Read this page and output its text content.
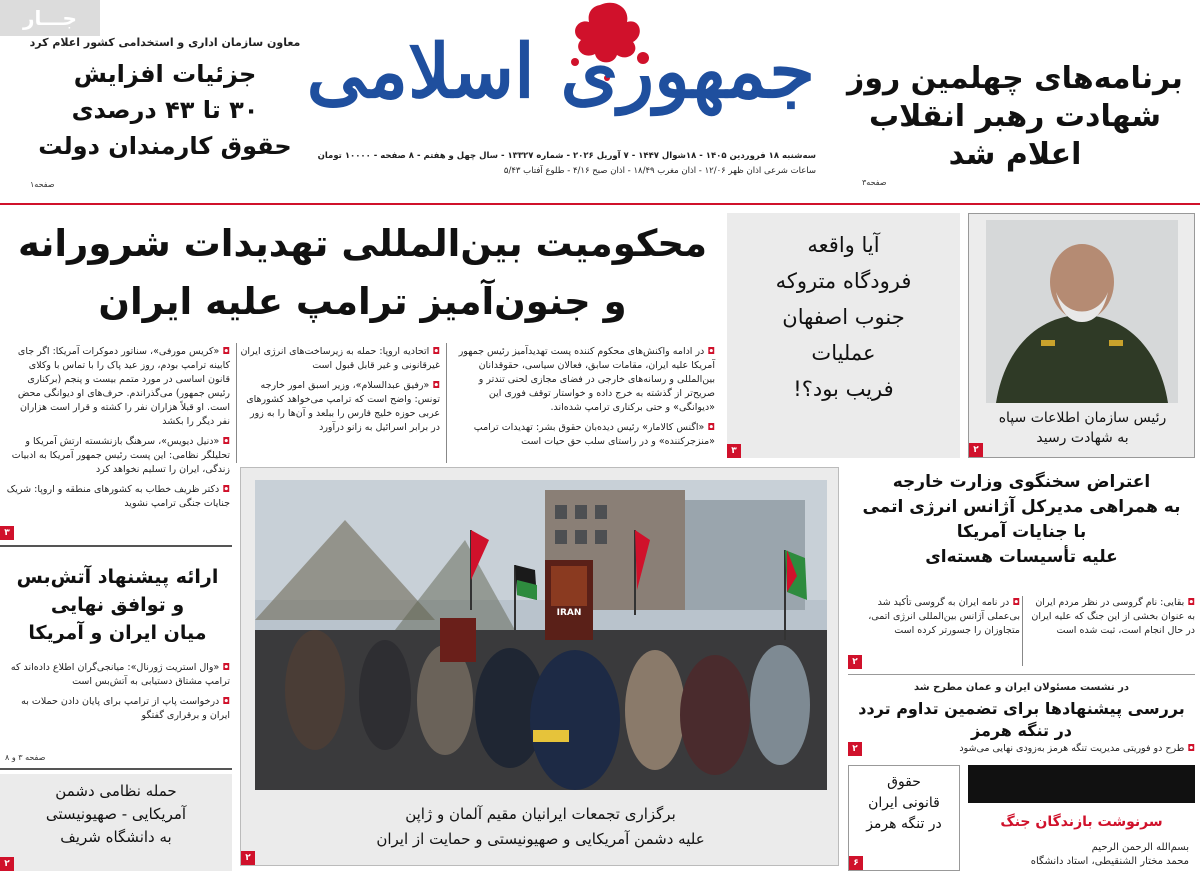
جـــار
جمهوری اسلامی
سه‌شنبه ۱۸ فروردین ۱۴۰۵ - ۱۸شوال ۱۴۴۷ - ۷ آوریل ۲۰۲۶ - شماره ۱۳۳۲۷ - سال چهل و هفتم - ۸ صفحه - ۱۰۰۰۰ تومان
ساعات شرعی اذان ظهر ۱۲/۰۶ - اذان مغرب ۱۸/۴۹ - اذان صبح ۴/۱۶ - طلوع آفتاب ۵/۴۳
برنامه‌های چهلمین روز
شهادت رهبر انقلاب
اعلام شد
صفحه۳
معاون سازمان اداری و استخدامی کشور اعلام کرد
جزئیات افزایش
۳۰ تا ۴۳ درصدی
حقوق کارمندان دولت
صفحه۱
رئیس سازمان اطلاعات سپاه
به شهادت رسید
۲
آیا واقعه
فرودگاه متروکه
جنوب اصفهان
عملیات
فریب بود؟!
۳
محکومیت بین‌المللی تهدیدات شرورانه
و جنون‌آمیز ترامپ علیه ایران
◘ در ادامه واکنش‌های محکوم کننده پست تهدیدآمیز رئیس جمهور آمریکا علیه ایران، مقامات سابق، فعالان سیاسی، حقوقدانان بین‌المللی و رسانه‌های خارجی در فضای مجازی لحنی تندتر و صریح‌تر از گذشته به خرج داده و خواستار توقف فوری این «دیوانگی» و حتی برکناری ترامپ شده‌اند.
◘ «اگنس کالامار» رئیس دیده‌بان حقوق بشر: تهدیدات ترامپ «منزجرکننده» و در راستای سلب حق حیات است
◘ اتحادیه اروپا: حمله به زیرساخت‌های انرژی ایران غیرقانونی و غیر قابل قبول است
◘ «رفیق عبدالسلام»، وزیر اسبق امور خارجه تونس: واضح است که ترامپ می‌خواهد کشورهای عربی حوزه خلیج فارس را ببلعد و آن‌ها را به زور در برابر اسرائیل به زانو درآورد
◘ «کریس مورفی»، سناتور دموکرات آمریکا: اگر جای کابینه ترامپ بودم، روز عید پاک را با تماس با وکلای قانون اساسی در مورد متمم بیست و پنجم (برکناری رئیس جمهور) می‌گذراندم. حرف‌های او دیوانگی محض است. او قبلاً هزاران نفر را کشته و قرار است هزاران نفر دیگر را بکشد
◘ «دنیل دیویس»، سرهنگ بازنشسته ارتش آمریکا و تحلیلگر نظامی: این پست رئیس جمهور آمریکا به ادبیات زندگی، ایران را تسلیم نخواهد کرد
◘ دکتر ظریف خطاب به کشورهای منطقه و اروپا: شریک جنایات جنگی ترامپ نشوید
۳
اعتراض سخنگوی وزارت خارجه
به همراهی مدیرکل آژانس انرژی اتمی
با جنایات آمریکا
علیه تأسیسات هسته‌ای
◘ بقایی: نام گروسی در نظر مردم ایران به عنوان بخشی از این جنگ که علیه ایران در حال انجام است، ثبت شده است
◘ در نامه ایران به گروسی تأکید شد بی‌عملی آژانس بین‌المللی انرژی اتمی، متجاوزان را جسورتر کرده است
۲
در نشست مسئولان ایران و عمان مطرح شد
بررسی پیشنهادها برای تضمین تداوم تردد
در تنگه هرمز
◘ طرح دو فوریتی مدیریت تنگه هرمز به‌زودی نهایی می‌شود
۲
ارائه پیشنهاد آتش‌بس
و توافق نهایی
میان ایران و آمریکا
◘ «وال استریت ژورنال»: میانجی‌گران اطلاع داده‌اند که ترامپ مشتاق دستیابی به آتش‌بس است
◘ درخواست پاپ از ترامپ برای پایان دادن حملات به ایران و برقراری گفتگو
صفحه ۳ و ۸
حمله نظامی دشمن
آمریکایی - صهیونیستی
به دانشگاه شریف
۲
IRAN
برگزاری تجمعات ایرانیان مقیم آلمان و ژاپن
علیه دشمن آمریکایی و صهیونیستی و حمایت از ایران
۲
حقوق
قانونی ایران
در تنگه هرمز
۶
سرنوشت بازندگان جنگ
بسم‌الله الرحمن الرحیم
محمد مختار الشنقیطی، استاد دانشگاه
